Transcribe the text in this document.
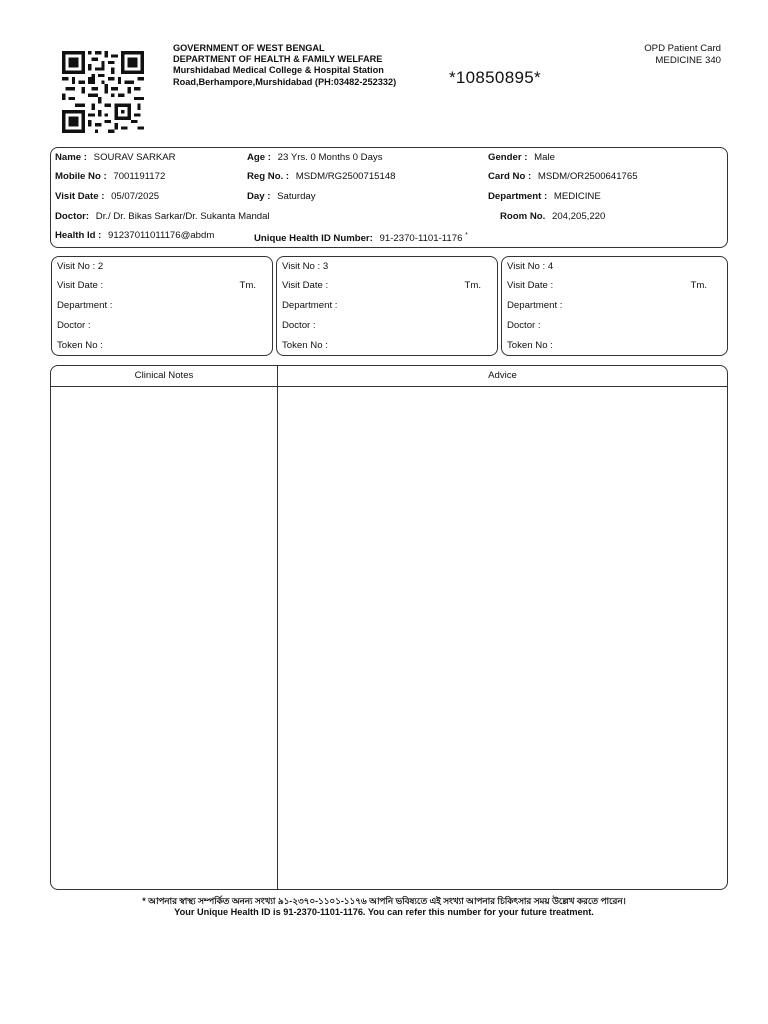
GOVERNMENT OF WEST BENGAL
DEPARTMENT OF HEALTH & FAMILY WELFARE
Murshidabad Medical College & Hospital Station
Road,Berhampore,Murshidabad (PH:03482-252332)	*10850895*
OPD Patient Card
MEDICINE 340
Name : SOURAV SARKAR	Age : 23 Yrs. 0 Months 0 Days	Gender : Male
Mobile No : 7001191172	Reg No. : MSDM/RG2500715148	Card No : MSDM/OR2500641765
Visit Date : 05/07/2025	Day : Saturday	Department : MEDICINE
Doctor: Dr./ Dr. Bikas Sarkar/Dr. Sukanta Mandal	Room No. 204,205,220
Health Id : 91237011011176@abdm	Unique Health ID Number: 91-2370-1101-1176 *
Visit No : 2
Visit Date :	Tm.
Department :
Doctor :
Token No :
Visit No : 3
Visit Date :	Tm.
Department :
Doctor :
Token No :
Visit No : 4
Visit Date :	Tm.
Department :
Doctor :
Token No :
Clinical Notes	Advice
* আপনার স্বাস্থ্য সম্পর্কিত অনন্য সংখ্যা ৯১-২৩৭০-১১০১-১১৭৬ আপনি ভবিষ্যতে এই সংখ্যা আপনার চিকিৎসার সময় উল্লেখ করতে পারেন।
Your Unique Health ID is 91-2370-1101-1176. You can refer this number for your future treatment.
